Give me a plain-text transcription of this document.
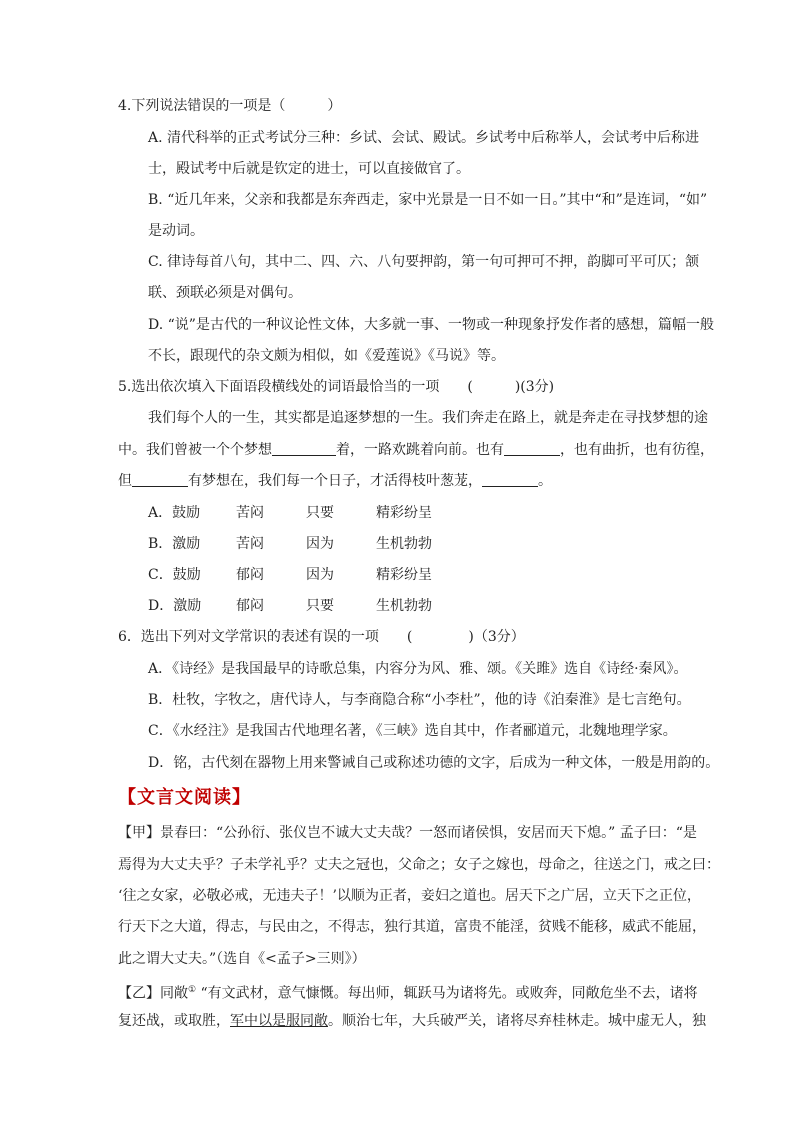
4.下列说法错误的一项是（　　　）
A. 清代科举的正式考试分三种：乡试、会试、殿试。乡试考中后称举人，会试考中后称进
士，殿试考中后就是钦定的进士，可以直接做官了。
B. “近几年来，父亲和我都是东奔西走，家中光景是一日不如一日。”其中“和”是连词，“如”
是动词。
C. 律诗每首八句，其中二、四、六、八句要押韵，第一句可押可不押，韵脚可平可仄；颔
联、颈联必须是对偶句。
D. “说”是古代的一种议论性文体，大多就一事、一物或一种现象抒发作者的感想，篇幅一般
不长，跟现代的杂文颇为相似，如《爱莲说》《马说》等。
5.选出依次填入下面语段横线处的词语最恰当的一项　　(　　　)(3分)
我们每个人的一生，其实都是追逐梦想的一生。我们奔走在路上，就是奔走在寻找梦想的途
中。我们曾被一个个梦想	着，一路欢跳着向前。也有	，也有曲折，也有彷徨，
但	有梦想在，我们每一个日子，才活得枝叶葱茏，	。
A．鼓励	苦闷	只要	精彩纷呈
B．激励	苦闷	因为	生机勃勃
C．鼓励	郁闷	因为	精彩纷呈
D．激励 郁闷	只要	生机勃勃
6．选出下列对文学常识的表述有误的一项　　(　　　　)（3分）
A．《诗经》是我国最早的诗歌总集，内容分为风、雅、颂。《关雎》选自《诗经·秦风》。
B．杜牧，字牧之，唐代诗人，与李商隐合称“小李杜”，他的诗《泊秦淮》是七言绝句。
C．《水经注》是我国古代地理名著，《三峡》选自其中，作者郦道元，北魏地理学家。
D．铭，古代刻在器物上用来警诫自己或称述功德的文字，后成为一种文体，一般是用韵的。
【文言文阅读】
【甲】景春曰：“公孙衍、张仪岂不诚大丈夫哉？一怒而诸侯惧，安居而天下熄。” 孟子曰：“是
焉得为大丈夫乎？子未学礼乎？丈夫之冠也，父命之；女子之嫁也，母命之，往送之门，戒之曰：
‘往之女家，必敬必戒，无违夫子！’以顺为正者，妾妇之道也。居天下之广居，立天下之正位，
行天下之大道，得志，与民由之，不得志，独行其道，富贵不能淫，贫贱不能移，威武不能屈，
此之谓大丈夫。”（选自《<孟子>三则》）
【乙】同敞① “有文武材，意气慷慨。每出师，辄跃马为诸将先。或败奔，同敞危坐不去，诸将
复还战，或取胜，军中以是服同敞。顺治七年，大兵破严关，诸将尽弃桂林走。城中虚无人，独
